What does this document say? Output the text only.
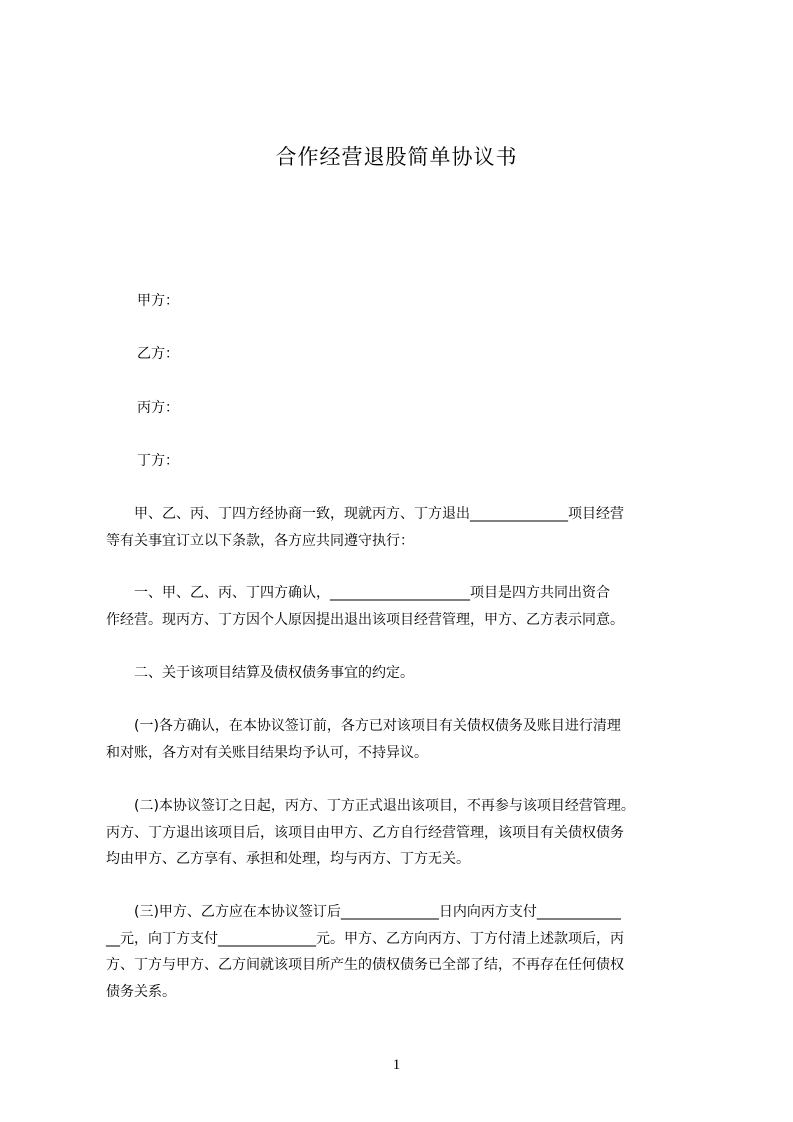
合作经营退股简单协议书
甲方：
乙方：
丙方：
丁方：

　　甲、乙、丙、丁四方经协商一致，现就丙方、丁方退出______________项目经营

等有关事宜订立以下条款，各方应共同遵守执行：

　　一、甲、乙、丙、丁四方确认，____________________项目是四方共同出资合

作经营。现丙方、丁方因个人原因提出退出该项目经营管理，甲方、乙方表示同意。

　　二、关于该项目结算及债权债务事宜的约定。

　　(一)各方确认，在本协议签订前，各方已对该项目有关债权债务及账目进行清理

和对账，各方对有关账目结果均予认可，不持异议。

　　(二)本协议签订之日起，丙方、丁方正式退出该项目，不再参与该项目经营管理。

丙方、丁方退出该项目后，该项目由甲方、乙方自行经营管理，该项目有关债权债务

均由甲方、乙方享有、承担和处理，均与丙方、丁方无关。

　　(三)甲方、乙方应在本协议签订后______________日内向丙方支付____________

__元，向丁方支付______________元。甲方、乙方向丙方、丁方付清上述款项后，丙

方、丁方与甲方、乙方间就该项目所产生的债权债务已全部了结，不再存在任何债权

债务关系。

1
